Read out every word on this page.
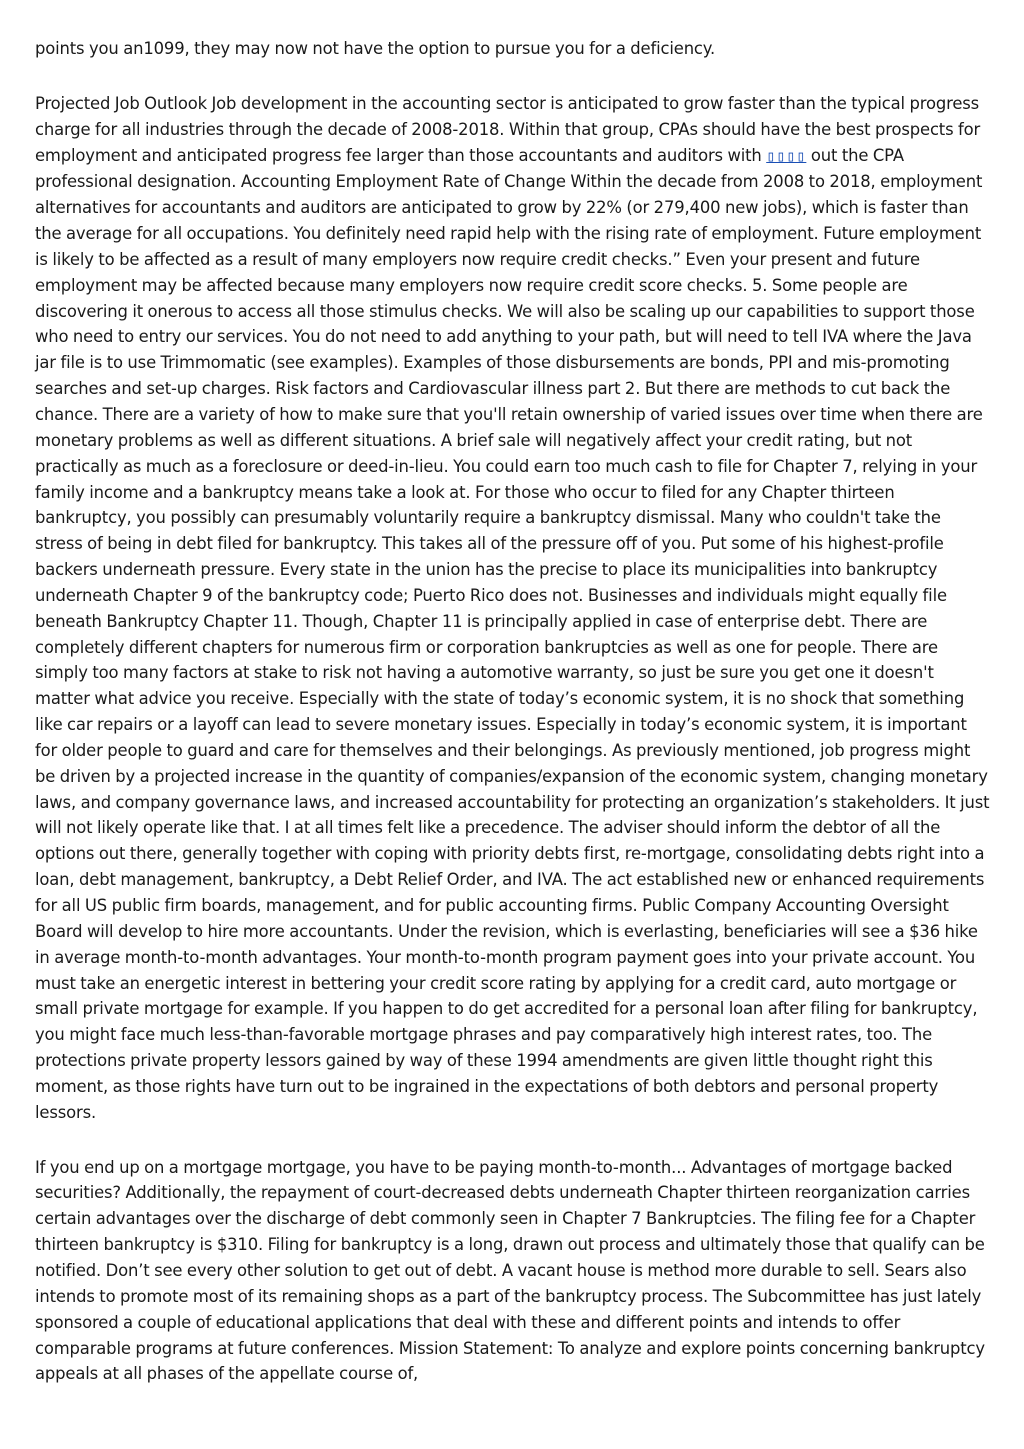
points you an1099, they may now not have the option to pursue you for a deficiency.

Projected Job Outlook Job development in the accounting sector is anticipated to grow faster than the typical progress charge for all industries through the decade of 2008-2018. Within that group, CPAs should have the best prospects for employment and anticipated progress fee larger than those accountants and auditors with ▯▯▯▯ out the CPA professional designation. Accounting Employment Rate of Change Within the decade from 2008 to 2018, employment alternatives for accountants and auditors are anticipated to grow by 22% (or 279,400 new jobs), which is faster than the average for all occupations. You definitely need rapid help with the rising rate of employment. Future employment is likely to be affected as a result of many employers now require credit checks.” Even your present and future employment may be affected because many employers now require credit score checks. 5. Some people are discovering it onerous to access all those stimulus checks. We will also be scaling up our capabilities to support those who need to entry our services. You do not need to add anything to your path, but will need to tell IVA where the Java jar file is to use Trimmomatic (see examples). Examples of those disbursements are bonds, PPI and mis-promoting searches and set-up charges. Risk factors and Cardiovascular illness part 2. But there are methods to cut back the chance. There are a variety of how to make sure that you'll retain ownership of varied issues over time when there are monetary problems as well as different situations. A brief sale will negatively affect your credit rating, but not practically as much as a foreclosure or deed-in-lieu. You could earn too much cash to file for Chapter 7, relying in your family income and a bankruptcy means take a look at. For those who occur to filed for any Chapter thirteen bankruptcy, you possibly can presumably voluntarily require a bankruptcy dismissal. Many who couldn't take the stress of being in debt filed for bankruptcy. This takes all of the pressure off of you. Put some of his highest-profile backers underneath pressure. Every state in the union has the precise to place its municipalities into bankruptcy underneath Chapter 9 of the bankruptcy code; Puerto Rico does not. Businesses and individuals might equally file beneath Bankruptcy Chapter 11. Though, Chapter 11 is principally applied in case of enterprise debt. There are completely different chapters for numerous firm or corporation bankruptcies as well as one for people. There are simply too many factors at stake to risk not having a automotive warranty, so just be sure you get one it doesn't matter what advice you receive. Especially with the state of today’s economic system, it is no shock that something like car repairs or a layoff can lead to severe monetary issues. Especially in today’s economic system, it is important for older people to guard and care for themselves and their belongings. As previously mentioned, job progress might be driven by a projected increase in the quantity of companies/expansion of the economic system, changing monetary laws, and company governance laws, and increased accountability for protecting an organization’s stakeholders. It just will not likely operate like that. I at all times felt like a precedence. The adviser should inform the debtor of all the options out there, generally together with coping with priority debts first, re-mortgage, consolidating debts right into a loan, debt management, bankruptcy, a Debt Relief Order, and IVA. The act established new or enhanced requirements for all US public firm boards, management, and for public accounting firms. Public Company Accounting Oversight Board will develop to hire more accountants. Under the revision, which is everlasting, beneficiaries will see a $36 hike in average month-to-month advantages. Your month-to-month program payment goes into your private account. You must take an energetic interest in bettering your credit score rating by applying for a credit card, auto mortgage or small private mortgage for example. If you happen to do get accredited for a personal loan after filing for bankruptcy, you might face much less-than-favorable mortgage phrases and pay comparatively high interest rates, too. The protections private property lessors gained by way of these 1994 amendments are given little thought right this moment, as those rights have turn out to be ingrained in the expectations of both debtors and personal property lessors.

If you end up on a mortgage mortgage, you have to be paying month-to-month... Advantages of mortgage backed securities? Additionally, the repayment of court-decreased debts underneath Chapter thirteen reorganization carries certain advantages over the discharge of debt commonly seen in Chapter 7 Bankruptcies. The filing fee for a Chapter thirteen bankruptcy is $310. Filing for bankruptcy is a long, drawn out process and ultimately those that qualify can be notified. Don’t see every other solution to get out of debt. A vacant house is method more durable to sell. Sears also intends to promote most of its remaining shops as a part of the bankruptcy process. The Subcommittee has just lately sponsored a couple of educational applications that deal with these and different points and intends to offer comparable programs at future conferences. Mission Statement: To analyze and explore points concerning bankruptcy appeals at all phases of the appellate course of,
